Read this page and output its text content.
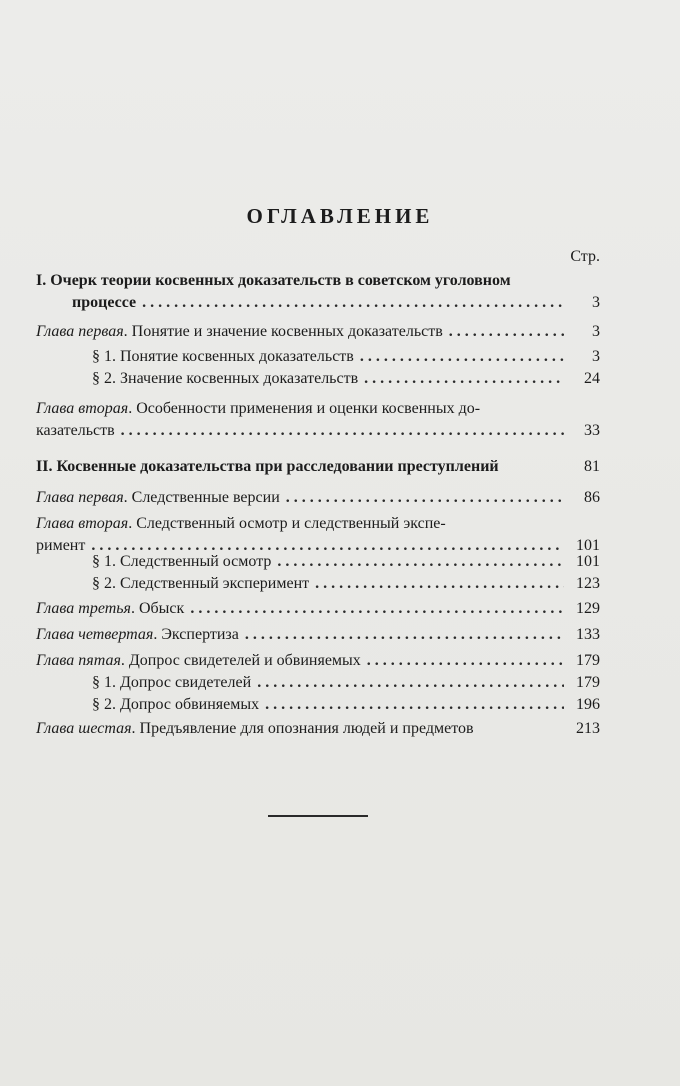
ОГЛАВЛЕНИЕ
Стр.
I. Очерк теории косвенных доказательств в советском уголовном
процессе . . .	3
Глава первая. Понятие и значение косвенных доказательств . . .	3
§ 1. Понятие косвенных доказательств . . .	3
§ 2. Значение косвенных доказательств . . .	24
Глава вторая. Особенности применения и оценки косвенных до-
казательств . . .	33
II. Косвенные доказательства при расследовании преступлений	81
Глава первая. Следственные версии . . .	86
Глава вторая. Следственный осмотр и следственный экспе-
римент . . .	101
§ 1. Следственный осмотр . . .	101
§ 2. Следственный эксперимент . . .	123
Глава третья. Обыск . . .	129
Глава четвертая. Экспертиза . . .	133
Глава пятая. Допрос свидетелей и обвиняемых . . .	179
§ 1. Допрос свидетелей . . .	179
§ 2. Допрос обвиняемых . . .	196
Глава шестая. Предъявление для опознания людей и предметов	213
